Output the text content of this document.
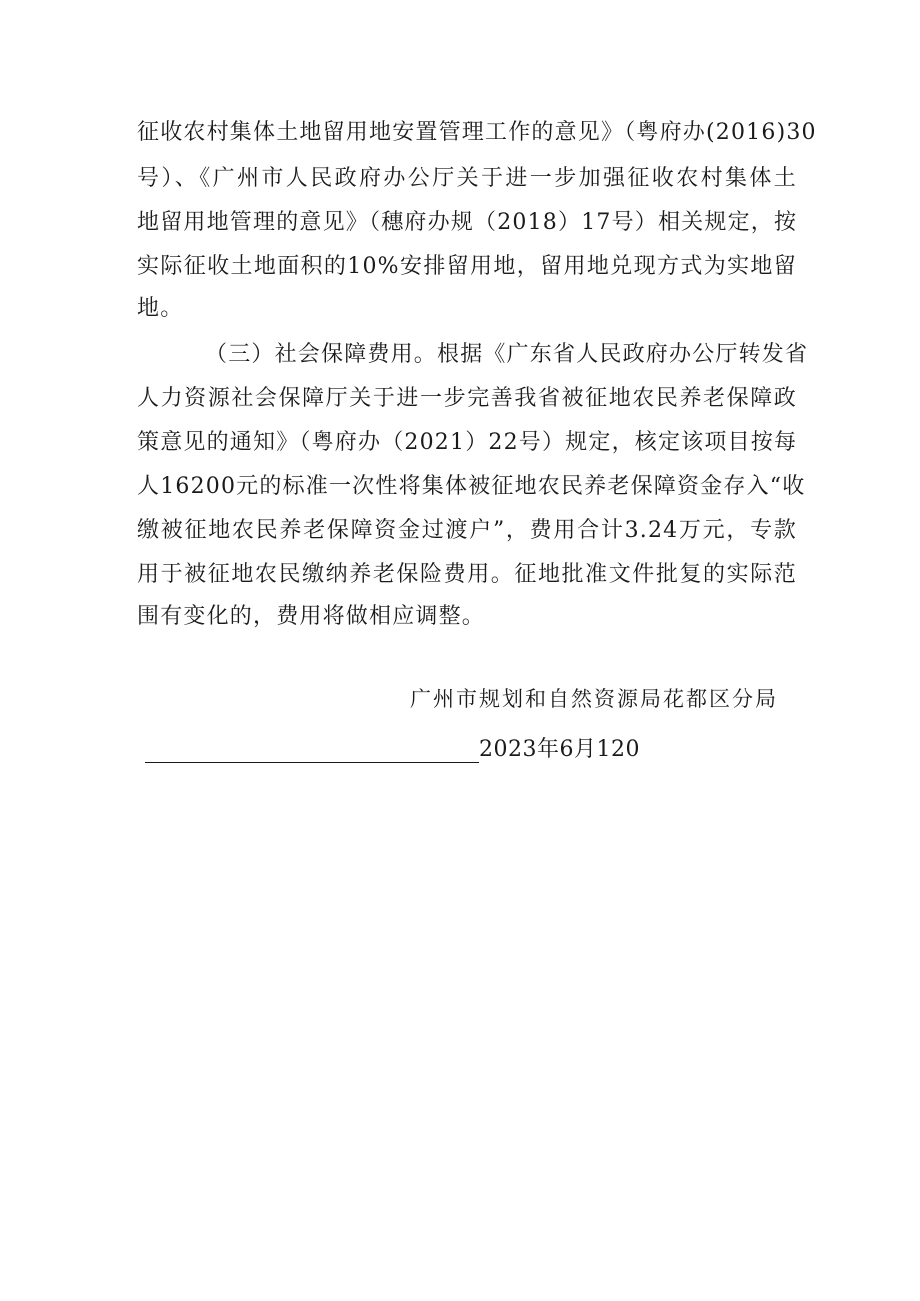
征收农村集体土地留用地安置管理工作的意见》（粤府办(2016)30
号）、《广州市人民政府办公厅关于进一步加强征收农村集体土
地留用地管理的意见》（穗府办规（2018）17号）相关规定，按
实际征收土地面积的10%安排留用地，留用地兑现方式为实地留
地。
（三）社会保障费用。根据《广东省人民政府办公厅转发省
人力资源社会保障厅关于进一步完善我省被征地农民养老保障政
策意见的通知》（粤府办（2021）22号）规定，核定该项目按每
人16200元的标准一次性将集体被征地农民养老保障资金存入“收
缴被征地农民养老保障资金过渡户”，费用合计3.24万元，专款
用于被征地农民缴纳养老保险费用。征地批准文件批复的实际范
围有变化的，费用将做相应调整。
广州市规划和自然资源局花都区分局
2023年6月120
